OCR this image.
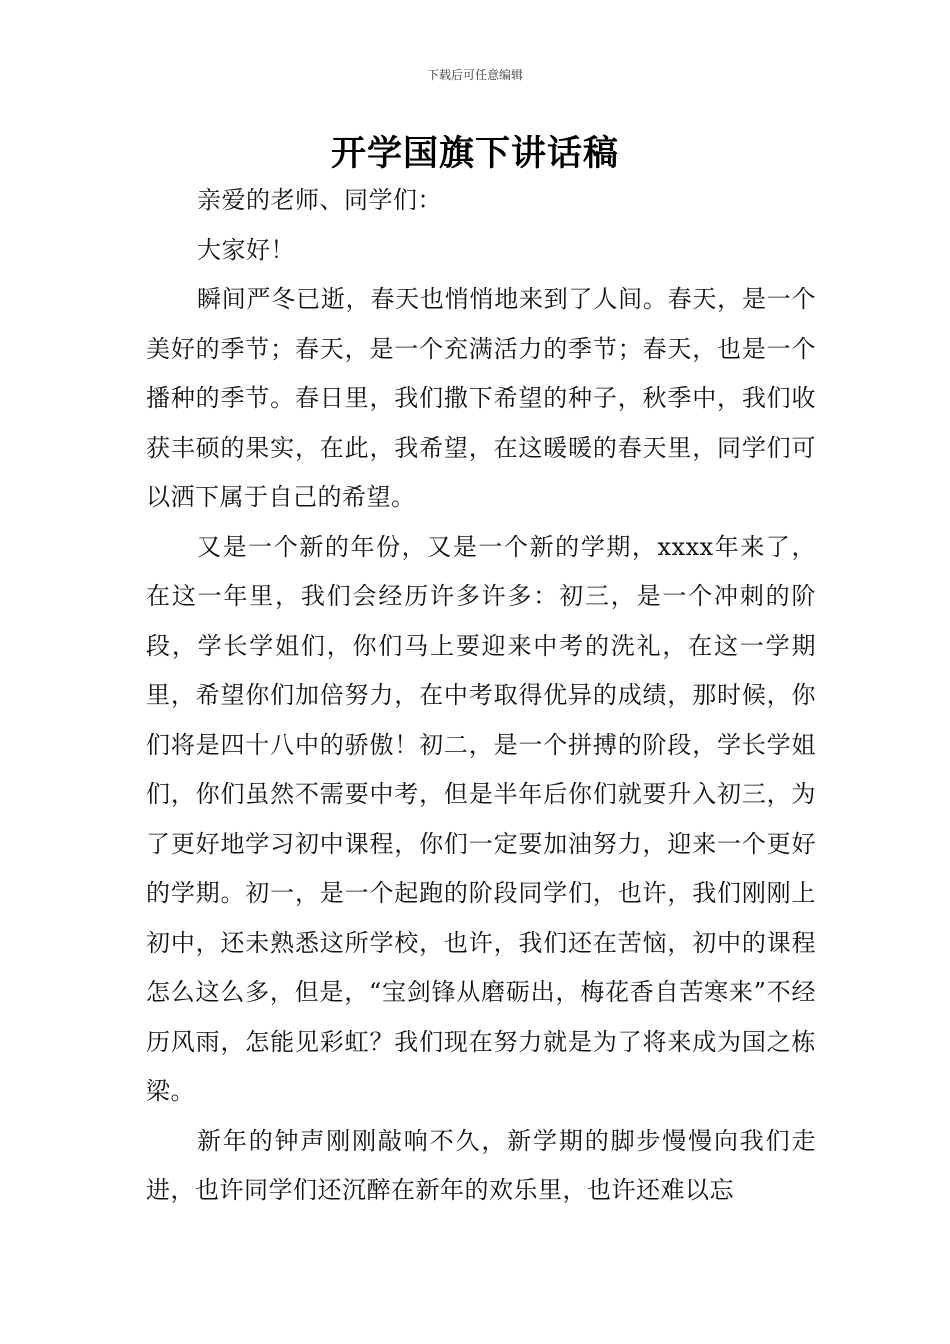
下载后可任意编辑
开学国旗下讲话稿

亲爱的老师、同学们：

大家好！

瞬间严冬已逝，春天也悄悄地来到了人间。春天，是一个美好的季节；春天，是一个充满活力的季节；春天，也是一个播种的季节。春日里，我们撒下希望的种子，秋季中，我们收获丰硕的果实，在此，我希望，在这暖暖的春天里，同学们可以洒下属于自己的希望。

又是一个新的年份，又是一个新的学期，xxxx年来了，在这一年里，我们会经历许多许多：初三，是一个冲刺的阶段，学长学姐们，你们马上要迎来中考的洗礼，在这一学期里，希望你们加倍努力，在中考取得优异的成绩，那时候，你们将是四十八中的骄傲！初二，是一个拼搏的阶段，学长学姐们，你们虽然不需要中考，但是半年后你们就要升入初三，为了更好地学习初中课程，你们一定要加油努力，迎来一个更好的学期。初一，是一个起跑的阶段同学们，也许，我们刚刚上初中，还未熟悉这所学校，也许，我们还在苦恼，初中的课程怎么这么多，但是，“宝剑锋从磨砺出，梅花香自苦寒来”不经历风雨，怎能见彩虹？我们现在努力就是为了将来成为国之栋梁。

新年的钟声刚刚敲响不久，新学期的脚步慢慢向我们走进，也许同学们还沉醉在新年的欢乐里，也许还难以忘
